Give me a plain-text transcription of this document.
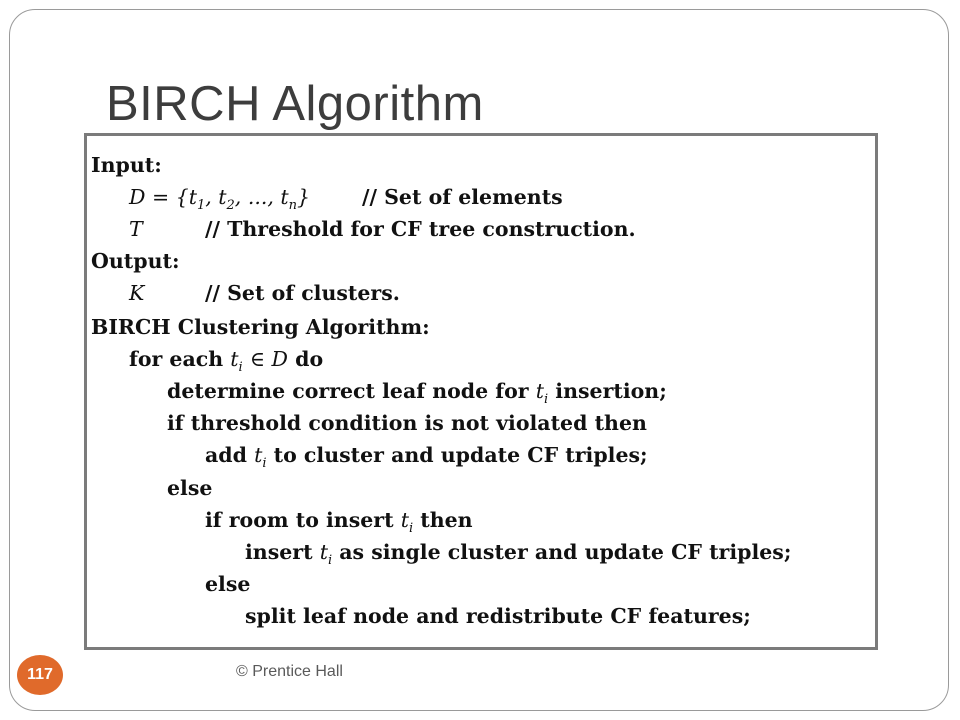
BIRCH Algorithm
Input:
$D = \{t_1$, $t_2$, ..., $t_n$}	// Set of elements
T	// Threshold for CF tree construction.
Output:
K	// Set of clusters.
BIRCH Clustering Algorithm:
for each $t_i$ ∈ D do
determine correct leaf node for $t_i$ insertion;
if threshold condition is not violated then
add $t_i$ to cluster and update CF triples;
else
if room to insert $t_i$ then
insert $t_i$ as single cluster and update CF triples;
else
split leaf node and redistribute CF features;
© Prentice Hall
117
